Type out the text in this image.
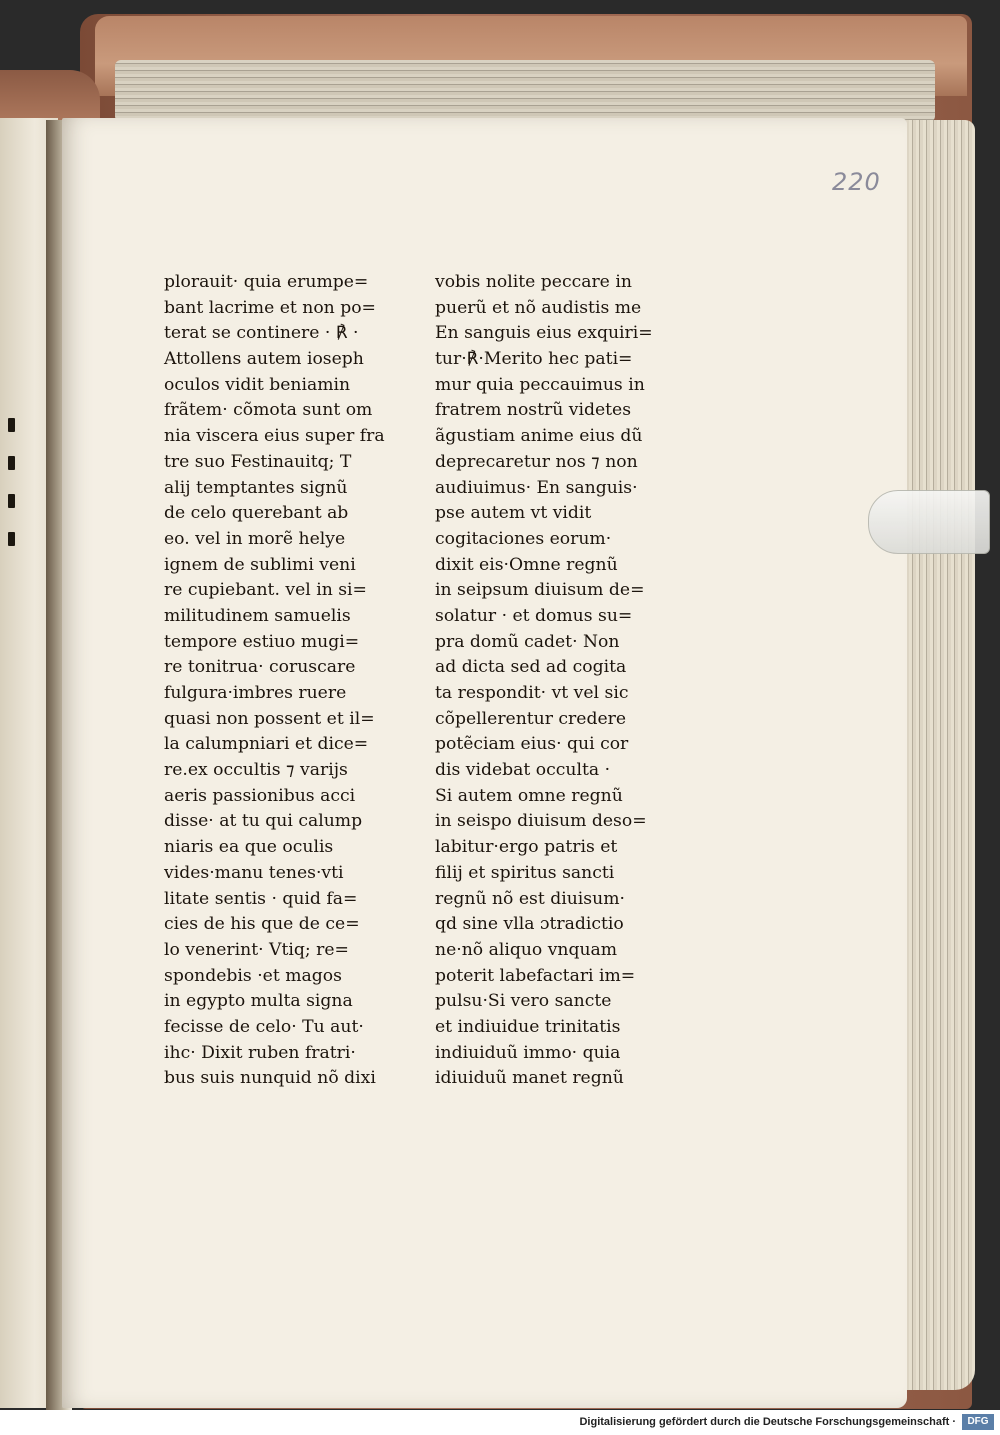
220
plorauit· quia erumpe=
bant lacrime et non po=
terat se continere · ℟ ·
Attollens autem ioseph
oculos vidit beniamin
frãtem· cõmota sunt om
nia viscera eius super fra
tre suo Festinauitq; T
alij temptantes signũ
de celo querebant ab
eo. vel in morẽ helye
ignem de sublimi veni
re cupiebant. vel in si=
militudinem samuelis
tempore estiuo mugi=
re tonitrua· coruscare
fulgura·imbres ruere
quasi non possent et il=
la calumpniari et dice=
re.ex occultis ⁊ varijs
aeris passionibus acci
disse· at tu qui calump
niaris ea que oculis
vides·manu tenes·vti
litate sentis · quid fa=
cies de his que de ce=
lo venerint· Vtiq; re=
spondebis ·et magos
in egypto multa signa
fecisse de celo· Tu aut·
ihc· Dixit ruben fratri·
bus suis nunquid nõ dixi
vobis nolite peccare in
puerũ et nõ audistis me
En sanguis eius exquiri=
tur·℟·Merito hec pati=
mur quia peccauimus in
fratrem nostrũ videtes
ãgustiam anime eius dũ
deprecaretur nos ⁊ non
audiuimus· En sanguis·
pse autem vt vidit
cogitaciones eorum·
dixit eis·Omne regnũ
in seipsum diuisum de=
solatur · et domus su=
pra domũ cadet· Non
ad dicta sed ad cogita
ta respondit· vt vel sic
cõpellerentur credere
potẽciam eius· qui cor
dis videbat occulta ·
Si autem omne regnũ
in seispo diuisum deso=
labitur·ergo patris et
filij et spiritus sancti
regnũ nõ est diuisum·
qd sine vlla ɔtradictio
ne·nõ aliquo vnquam
poterit labefactari im=
pulsu·Si vero sancte
et indiuidue trinitatis
indiuiduũ immo· quia
idiuiduũ manet regnũ
Digitalisierung gefördert durch die Deutsche Forschungsgemeinschaft ·	DFG
